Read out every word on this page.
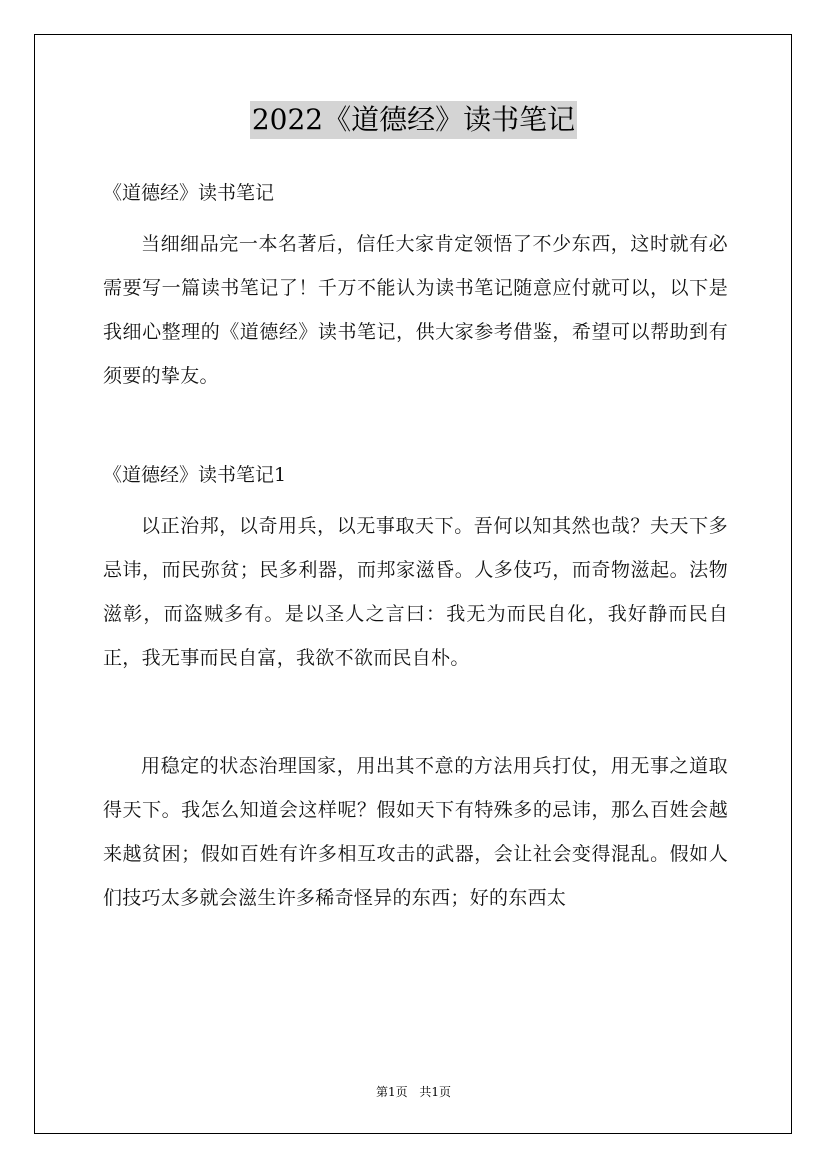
2022《道德经》读书笔记

《道德经》读书笔记

当细细品完一本名著后，信任大家肯定领悟了不少东西，这时就有必需要写一篇读书笔记了！千万不能认为读书笔记随意应付就可以，以下是我细心整理的《道德经》读书笔记，供大家参考借鉴，希望可以帮助到有须要的挚友。

《道德经》读书笔记1

以正治邦，以奇用兵，以无事取天下。吾何以知其然也哉？夫天下多忌讳，而民弥贫；民多利器，而邦家滋昏。人多伎巧，而奇物滋起。法物滋彰，而盗贼多有。是以圣人之言曰：我无为而民自化，我好静而民自正，我无事而民自富，我欲不欲而民自朴。

用稳定的状态治理国家，用出其不意的方法用兵打仗，用无事之道取得天下。我怎么知道会这样呢？假如天下有特殊多的忌讳，那么百姓会越来越贫困；假如百姓有许多相互攻击的武器，会让社会变得混乱。假如人们技巧太多就会滋生许多稀奇怪异的东西；好的东西太

第1页 共1页
